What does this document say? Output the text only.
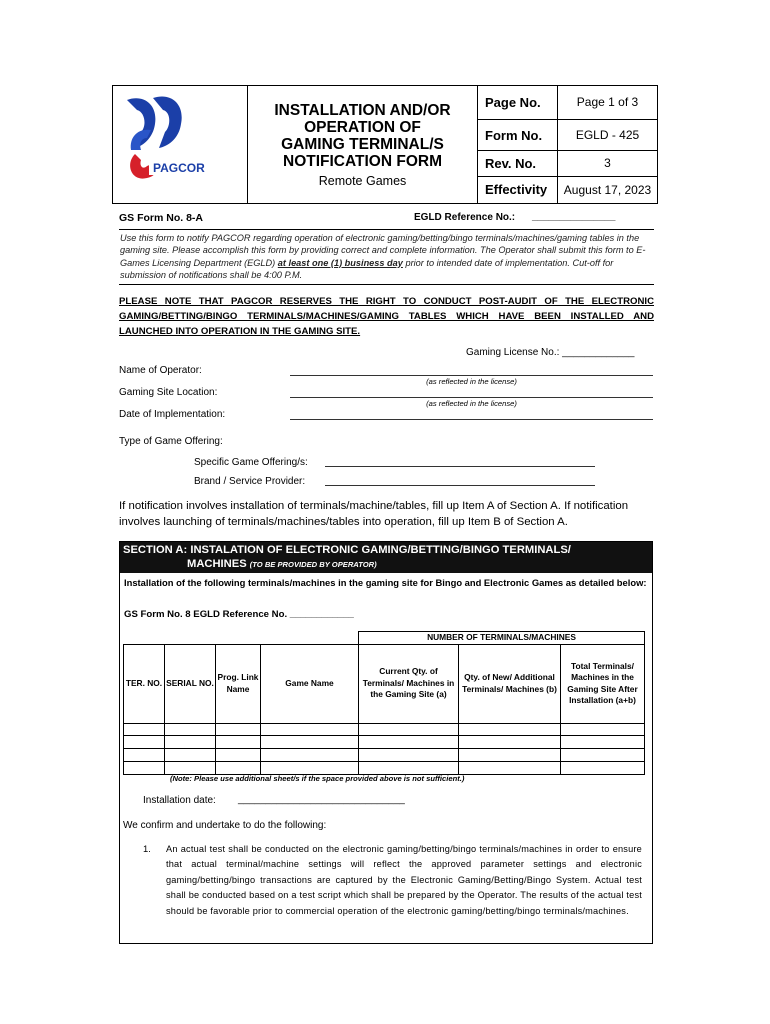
PAGCOR	INSTALLATION AND/OR
OPERATION OF
GAMING TERMINAL/S
NOTIFICATION FORM
Remote Games	Page No.	Page 1 of 3
		Form No.	EGLD - 425
		Rev. No.	3
		Effectivity	August 17, 2023
GS Form No. 8-A	EGLD Reference No.: _______________
Use this form to notify PAGCOR regarding operation of electronic gaming/betting/bingo terminals/machines/gaming tables in the gaming site. Please accomplish this form by providing correct and complete information. The Operator shall submit this form to E-Games Licensing Department (EGLD) at least one (1) business day prior to intended date of implementation. Cut-off for submission of notifications shall be 4:00 P.M.
PLEASE NOTE THAT PAGCOR RESERVES THE RIGHT TO CONDUCT POST-AUDIT OF THE ELECTRONIC GAMING/BETTING/BINGO TERMINALS/MACHINES/GAMING TABLES WHICH HAVE BEEN INSTALLED AND LAUNCHED INTO OPERATION IN THE GAMING SITE.
Gaming License No.: _____________
Name of Operator:
(as reflected in the license)
Gaming Site Location:
(as reflected in the license)
Date of Implementation:
Type of Game Offering:
Specific Game Offering/s:
Brand / Service Provider:
If notification involves installation of terminals/machine/tables, fill up Item A of Section A. If notification involves launching of terminals/machines/tables into operation, fill up Item B of Section A.
SECTION A: INSTALATION OF ELECTRONIC GAMING/BETTING/BINGO TERMINALS/
MACHINES (TO BE PROVIDED BY OPERATOR)
Installation of the following terminals/machines in the gaming site for Bingo and Electronic Games as detailed below:
GS Form No. 8 EGLD Reference No. ____________
				NUMBER OF TERMINALS/MACHINES		
TER. NO.	SERIAL NO.	Prog. Link Name	Game Name	Current Qty. of Terminals/ Machines in the Gaming Site (a)	Qty. of New/ Additional Terminals/ Machines (b)	Total Terminals/ Machines in the Gaming Site After Installation (a+b)

(Note: Please use additional sheet/s if the space provided above is not sufficient.)
Installation date: ______________________________
We confirm and undertake to do the following:
1. An actual test shall be conducted on the electronic gaming/betting/bingo terminals/machines in order to ensure that actual terminal/machine settings will reflect the approved parameter settings and electronic gaming/betting/bingo transactions are captured by the Electronic Gaming/Betting/Bingo System. Actual test shall be conducted based on a test script which shall be prepared by the Operator. The results of the actual test should be favorable prior to commercial operation of the electronic gaming/betting/bingo terminals/machines.
